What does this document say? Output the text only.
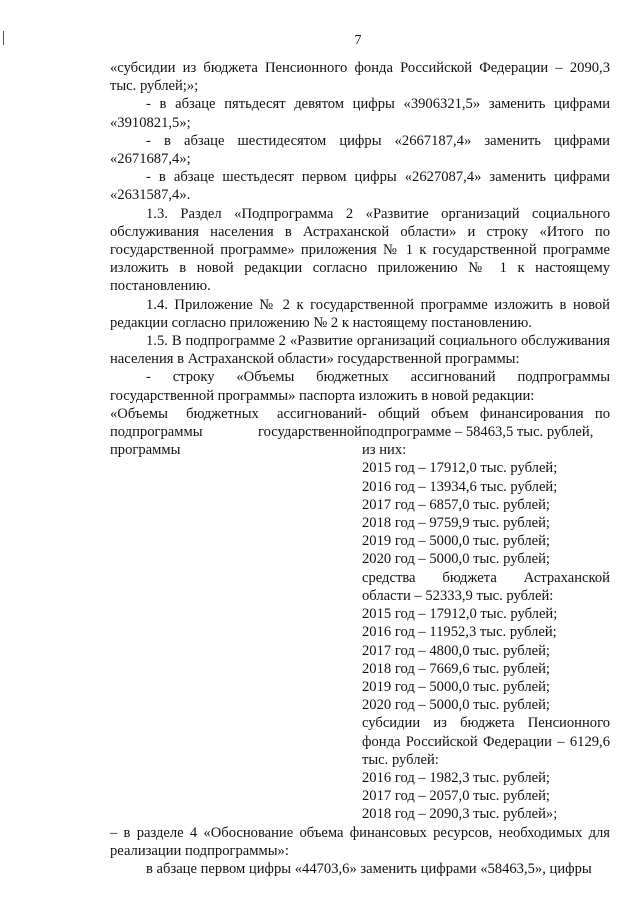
7

«субсидии из бюджета Пенсионного фонда Российской Федерации – 2090,3 тыс. рублей;»;

- в абзаце пятьдесят девятом цифры «3906321,5» заменить цифрами «3910821,5»;

- в абзаце шестидесятом цифры «2667187,4» заменить цифрами «2671687,4»;

- в абзаце шестьдесят первом цифры «2627087,4» заменить цифрами «2631587,4».

1.3. Раздел «Подпрограмма 2 «Развитие организаций социального обслуживания населения в Астраханской области» и строку «Итого по государственной программе» приложения № 1 к государственной программе изложить в новой редакции согласно приложению № 1 к настоящему постановлению.

1.4. Приложение № 2 к государственной программе изложить в новой редакции согласно приложению № 2 к настоящему постановлению.

1.5. В подпрограмме 2 «Развитие организаций социального обслуживания населения в Астраханской области» государственной программы:

- строку «Объемы бюджетных ассигнований подпрограммы государственной программы» паспорта изложить в новой редакции:

«Объемы бюджетных ассигнований подпрограммы государственной программы

- общий объем финансирования по подпрограмме – 58463,5 тыс. рублей,

из них:

2015 год – 17912,0 тыс. рублей;

2016 год – 13934,6 тыс. рублей;

2017 год – 6857,0 тыс. рублей;

2018 год – 9759,9 тыс. рублей;

2019 год – 5000,0 тыс. рублей;

2020 год – 5000,0 тыс. рублей;

средства бюджета Астраханской области – 52333,9 тыс. рублей:

2015 год – 17912,0 тыс. рублей;

2016 год – 11952,3 тыс. рублей;

2017 год – 4800,0 тыс. рублей;

2018 год – 7669,6 тыс. рублей;

2019 год – 5000,0 тыс. рублей;

2020 год – 5000,0 тыс. рублей;

субсидии из бюджета Пенсионного фонда Российской Федерации – 6129,6 тыс. рублей:

2016 год – 1982,3 тыс. рублей;

2017 год – 2057,0 тыс. рублей;

2018 год – 2090,3 тыс. рублей»;

– в разделе 4 «Обоснование объема финансовых ресурсов, необходимых для реализации подпрограммы»:

в абзаце первом цифры «44703,6» заменить цифрами «58463,5», цифры
